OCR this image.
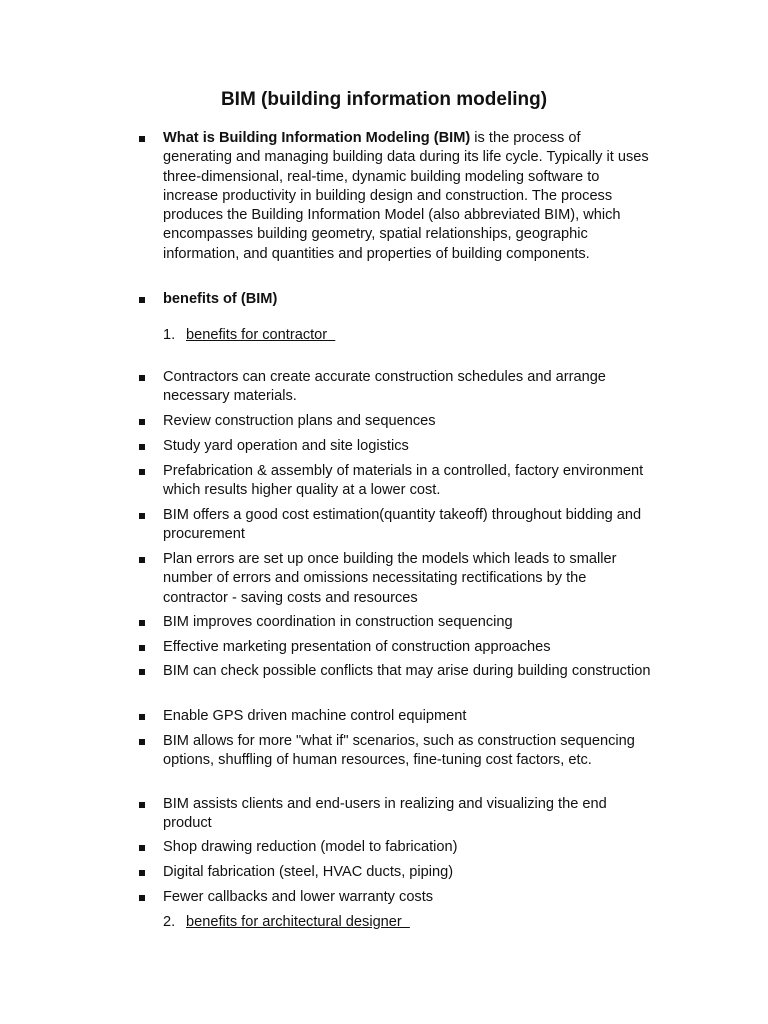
BIM (building information modeling)

What is Building Information Modeling (BIM) is the process of generating and managing building data during its life cycle. Typically it uses three-dimensional, real-time, dynamic building modeling software to increase productivity in building design and construction. The process produces the Building Information Model (also abbreviated BIM), which encompasses building geometry, spatial relationships, geographic information, and quantities and properties of building components.

benefits of (BIM)

1. benefits for contractor

Contractors can create accurate construction schedules and arrange necessary materials.

Review construction plans and sequences

Study yard operation and site logistics

Prefabrication & assembly of materials in a controlled, factory environment which results higher quality at a lower cost.

BIM offers a good cost estimation(quantity takeoff) throughout bidding and procurement

Plan errors are set up once building the models which leads to smaller number of errors and omissions necessitating rectifications by the contractor - saving costs and resources

BIM improves coordination in construction sequencing

Effective marketing presentation of construction approaches

BIM can check possible conflicts that may arise during building construction

Enable GPS driven machine control equipment

BIM allows for more "what if" scenarios, such as construction sequencing options, shuffling of human resources, fine-tuning cost factors, etc.

BIM assists clients and end-users in realizing and visualizing the end product

Shop drawing reduction (model to fabrication)

Digital fabrication (steel, HVAC ducts, piping)

Fewer callbacks and lower warranty costs

2. benefits for architectural designer
